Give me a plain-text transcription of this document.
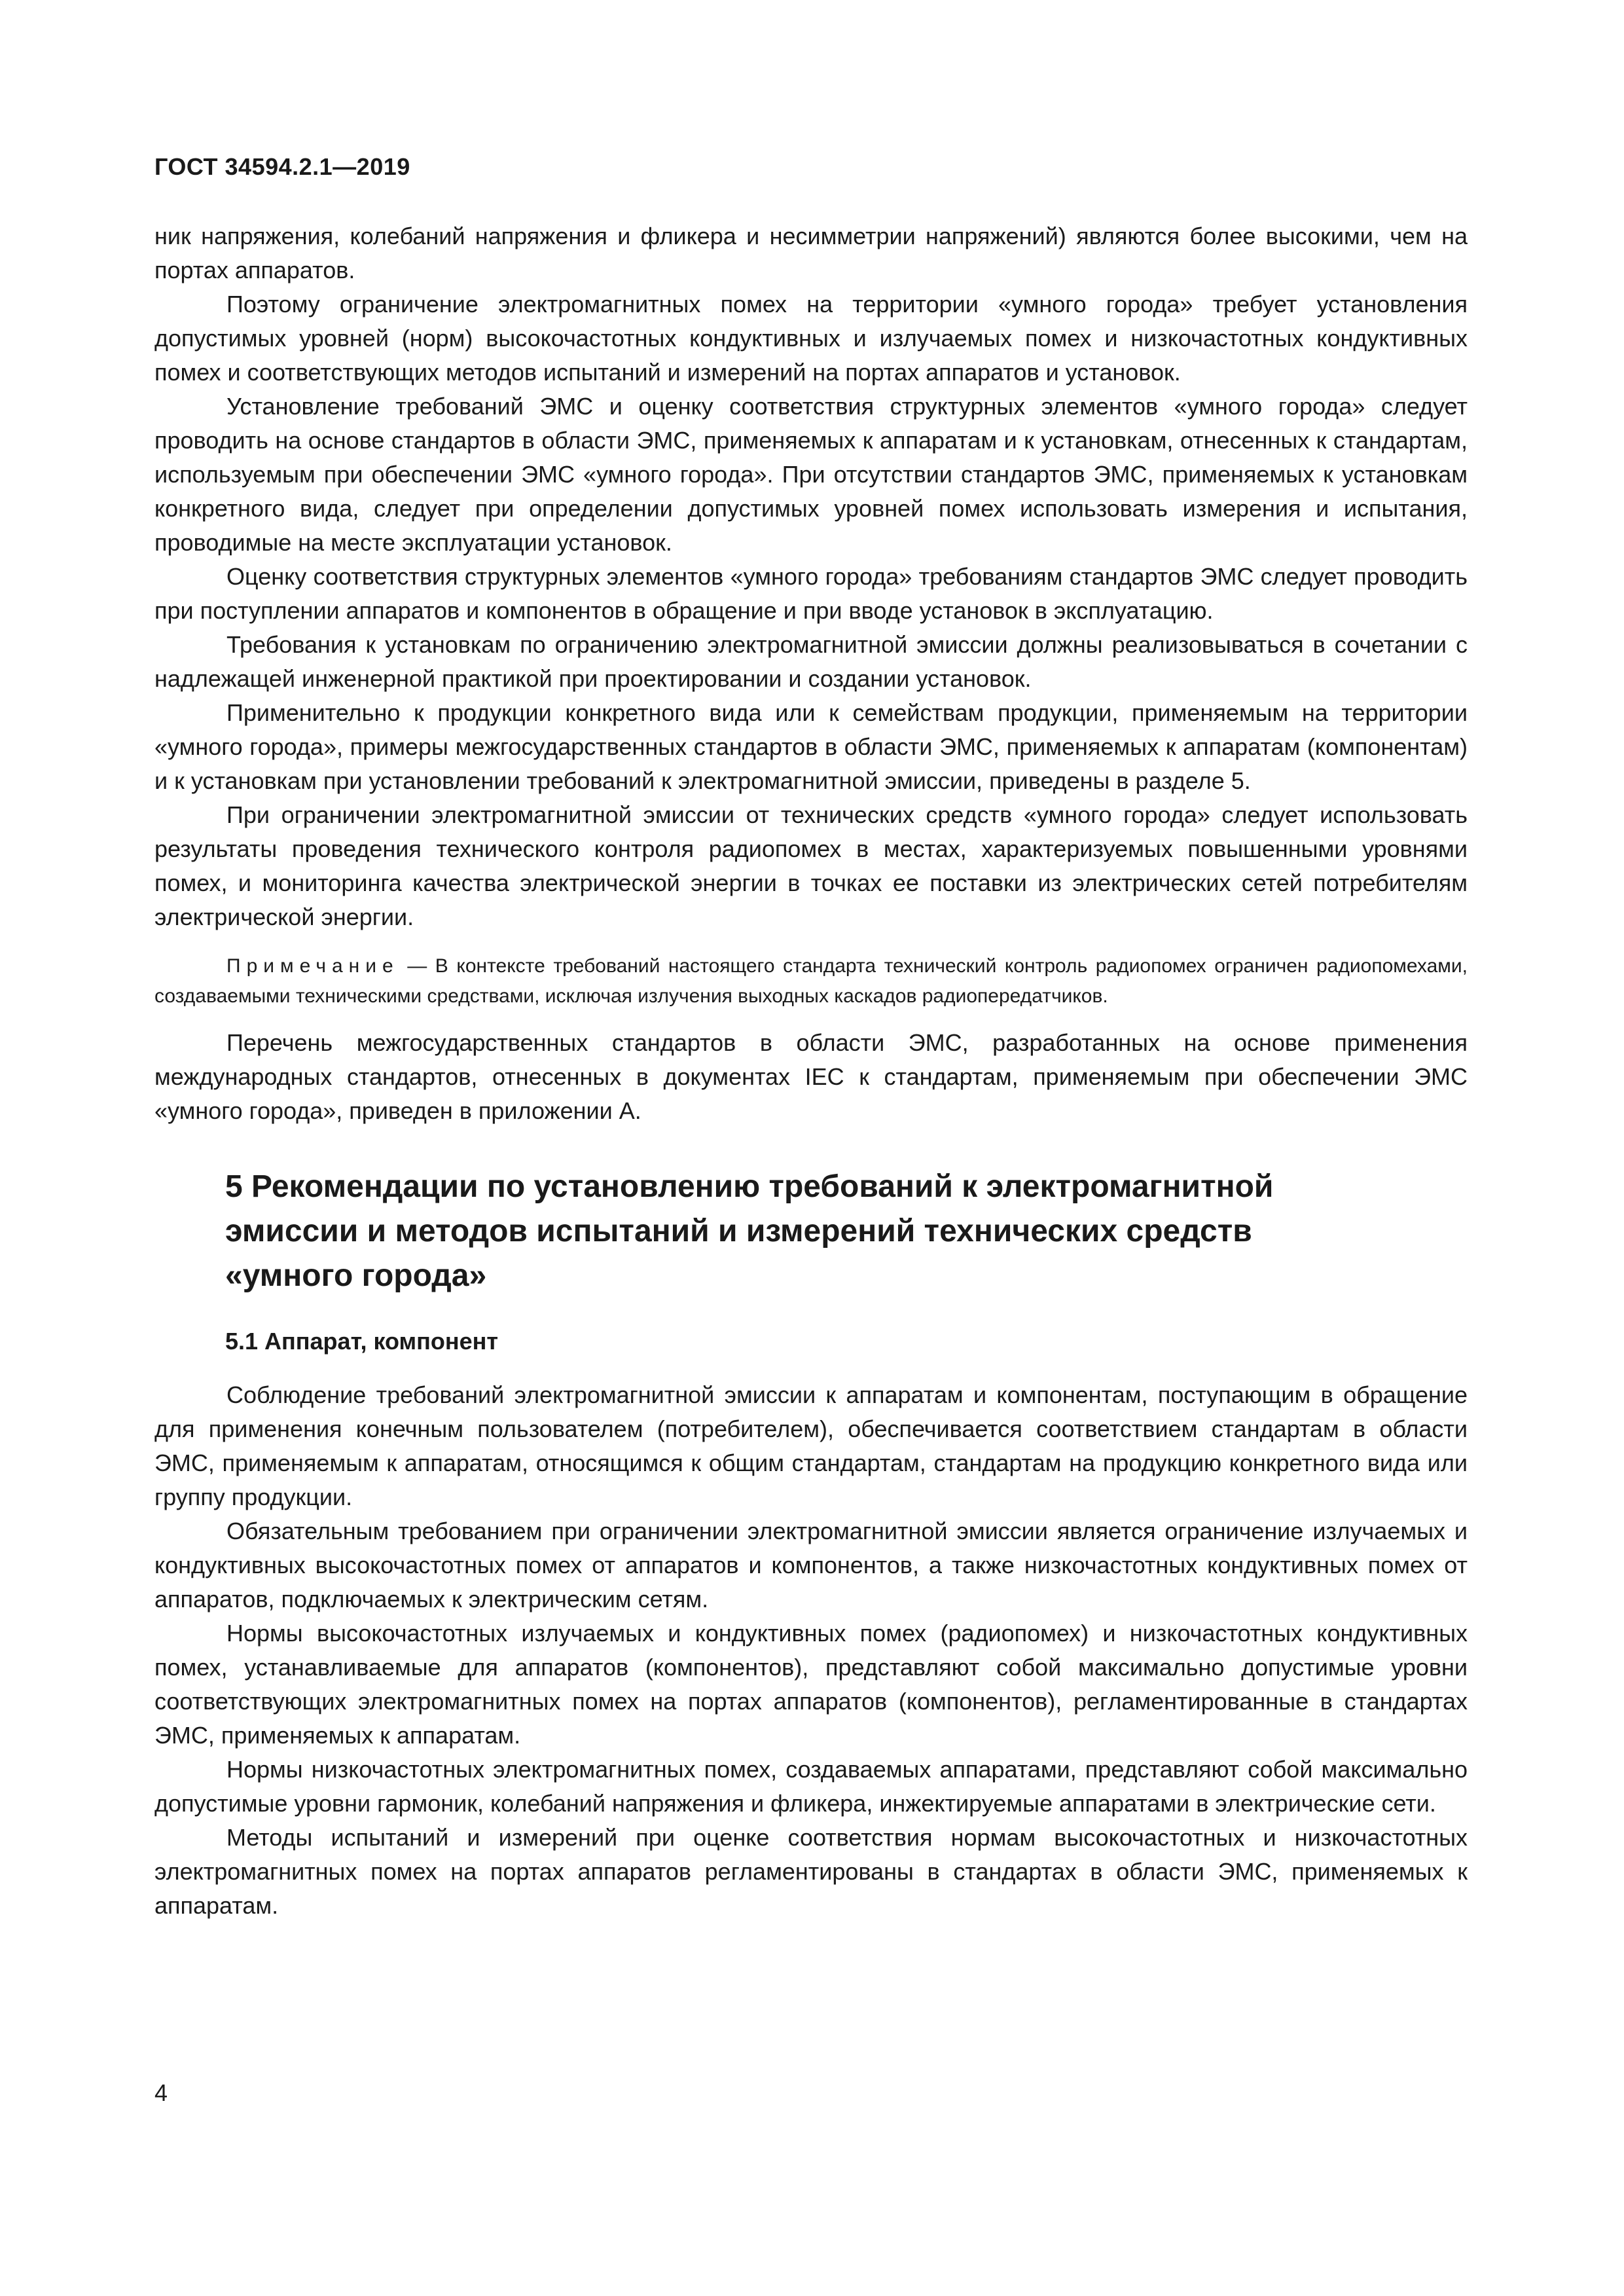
ГОСТ 34594.2.1—2019

ник напряжения, колебаний напряжения и фликера и несимметрии напряжений) являются более высокими, чем на портах аппаратов.

Поэтому ограничение электромагнитных помех на территории «умного города» требует установления допустимых уровней (норм) высокочастотных кондуктивных и излучаемых помех и низкочастотных кондуктивных помех и соответствующих методов испытаний и измерений на портах аппаратов и установок.

Установление требований ЭМС и оценку соответствия структурных элементов «умного города» следует проводить на основе стандартов в области ЭМС, применяемых к аппаратам и к установкам, отнесенных к стандартам, используемым при обеспечении ЭМС «умного города». При отсутствии стандартов ЭМС, применяемых к установкам конкретного вида, следует при определении допустимых уровней помех использовать измерения и испытания, проводимые на месте эксплуатации установок.

Оценку соответствия структурных элементов «умного города» требованиям стандартов ЭМС следует проводить при поступлении аппаратов и компонентов в обращение и при вводе установок в эксплуатацию.

Требования к установкам по ограничению электромагнитной эмиссии должны реализовываться в сочетании с надлежащей инженерной практикой при проектировании и создании установок.

Применительно к продукции конкретного вида или к семействам продукции, применяемым на территории «умного города», примеры межгосударственных стандартов в области ЭМС, применяемых к аппаратам (компонентам) и к установкам при установлении требований к электромагнитной эмиссии, приведены в разделе 5.

При ограничении электромагнитной эмиссии от технических средств «умного города» следует использовать результаты проведения технического контроля радиопомех в местах, характеризуемых повышенными уровнями помех, и мониторинга качества электрической энергии в точках ее поставки из электрических сетей потребителям электрической энергии.

Примечание — В контексте требований настоящего стандарта технический контроль радиопомех ограничен радиопомехами, создаваемыми техническими средствами, исключая излучения выходных каскадов радиопередатчиков.

Перечень межгосударственных стандартов в области ЭМС, разработанных на основе применения международных стандартов, отнесенных в документах IEC к стандартам, применяемым при обеспечении ЭМС «умного города», приведен в приложении А.

5 Рекомендации по установлению требований к электромагнитной
эмиссии и методов испытаний и измерений технических средств
«умного города»
5.1 Аппарат, компонент

Соблюдение требований электромагнитной эмиссии к аппаратам и компонентам, поступающим в обращение для применения конечным пользователем (потребителем), обеспечивается соответствием стандартам в области ЭМС, применяемым к аппаратам, относящимся к общим стандартам, стандартам на продукцию конкретного вида или группу продукции.

Обязательным требованием при ограничении электромагнитной эмиссии является ограничение излучаемых и кондуктивных высокочастотных помех от аппаратов и компонентов, а также низкочастотных кондуктивных помех от аппаратов, подключаемых к электрическим сетям.

Нормы высокочастотных излучаемых и кондуктивных помех (радиопомех) и низкочастотных кондуктивных помех, устанавливаемые для аппаратов (компонентов), представляют собой максимально допустимые уровни соответствующих электромагнитных помех на портах аппаратов (компонентов), регламентированные в стандартах ЭМС, применяемых к аппаратам.

Нормы низкочастотных электромагнитных помех, создаваемых аппаратами, представляют собой максимально допустимые уровни гармоник, колебаний напряжения и фликера, инжектируемые аппаратами в электрические сети.

Методы испытаний и измерений при оценке соответствия нормам высокочастотных и низкочастотных электромагнитных помех на портах аппаратов регламентированы в стандартах в области ЭМС, применяемых к аппаратам.

4
